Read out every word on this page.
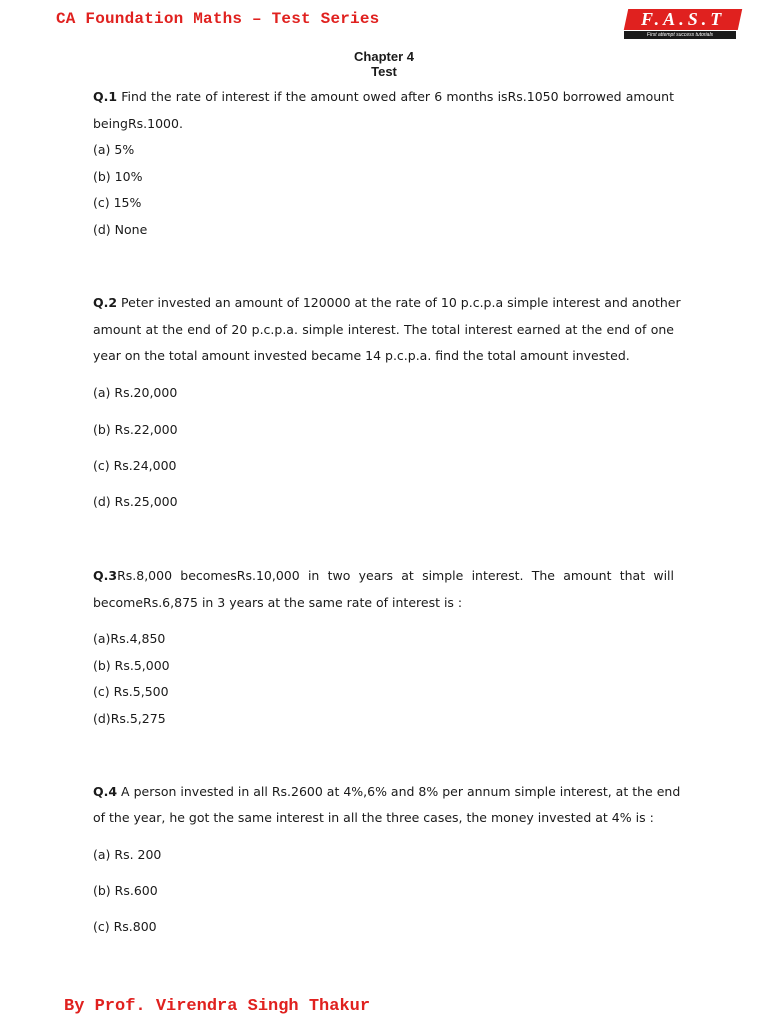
CA Foundation Maths – Test Series	F.A.S.T
First attempt success tutorials
Chapter 4
Test
Q.1 Find the rate of interest if the amount owed after 6 months isRs.1050 borrowed amount
beingRs.1000.
(a) 5%
(b) 10%
(c) 15%
(d) None
Q.2 Peter invested an amount of 120000 at the rate of 10 p.c.p.a simple interest and another
amount at the end of 20 p.c.p.a. simple interest. The total interest earned at the end of one
year on the total amount invested became 14 p.c.p.a. find the total amount invested.
(a) Rs.20,000
(b) Rs.22,000
(c) Rs.24,000
(d) Rs.25,000
Q.3Rs.8,000 becomesRs.10,000 in two years at simple interest. The amount that will
becomeRs.6,875 in 3 years at the same rate of interest is :
(a)Rs.4,850
(b) Rs.5,000
(c) Rs.5,500
(d)Rs.5,275
Q.4 A person invested in all Rs.2600 at 4%,6% and 8% per annum simple interest, at the end
of the year, he got the same interest in all the three cases, the money invested at 4% is :
(a) Rs. 200
(b) Rs.600
(c) Rs.800
By Prof. Virendra Singh Thakur
